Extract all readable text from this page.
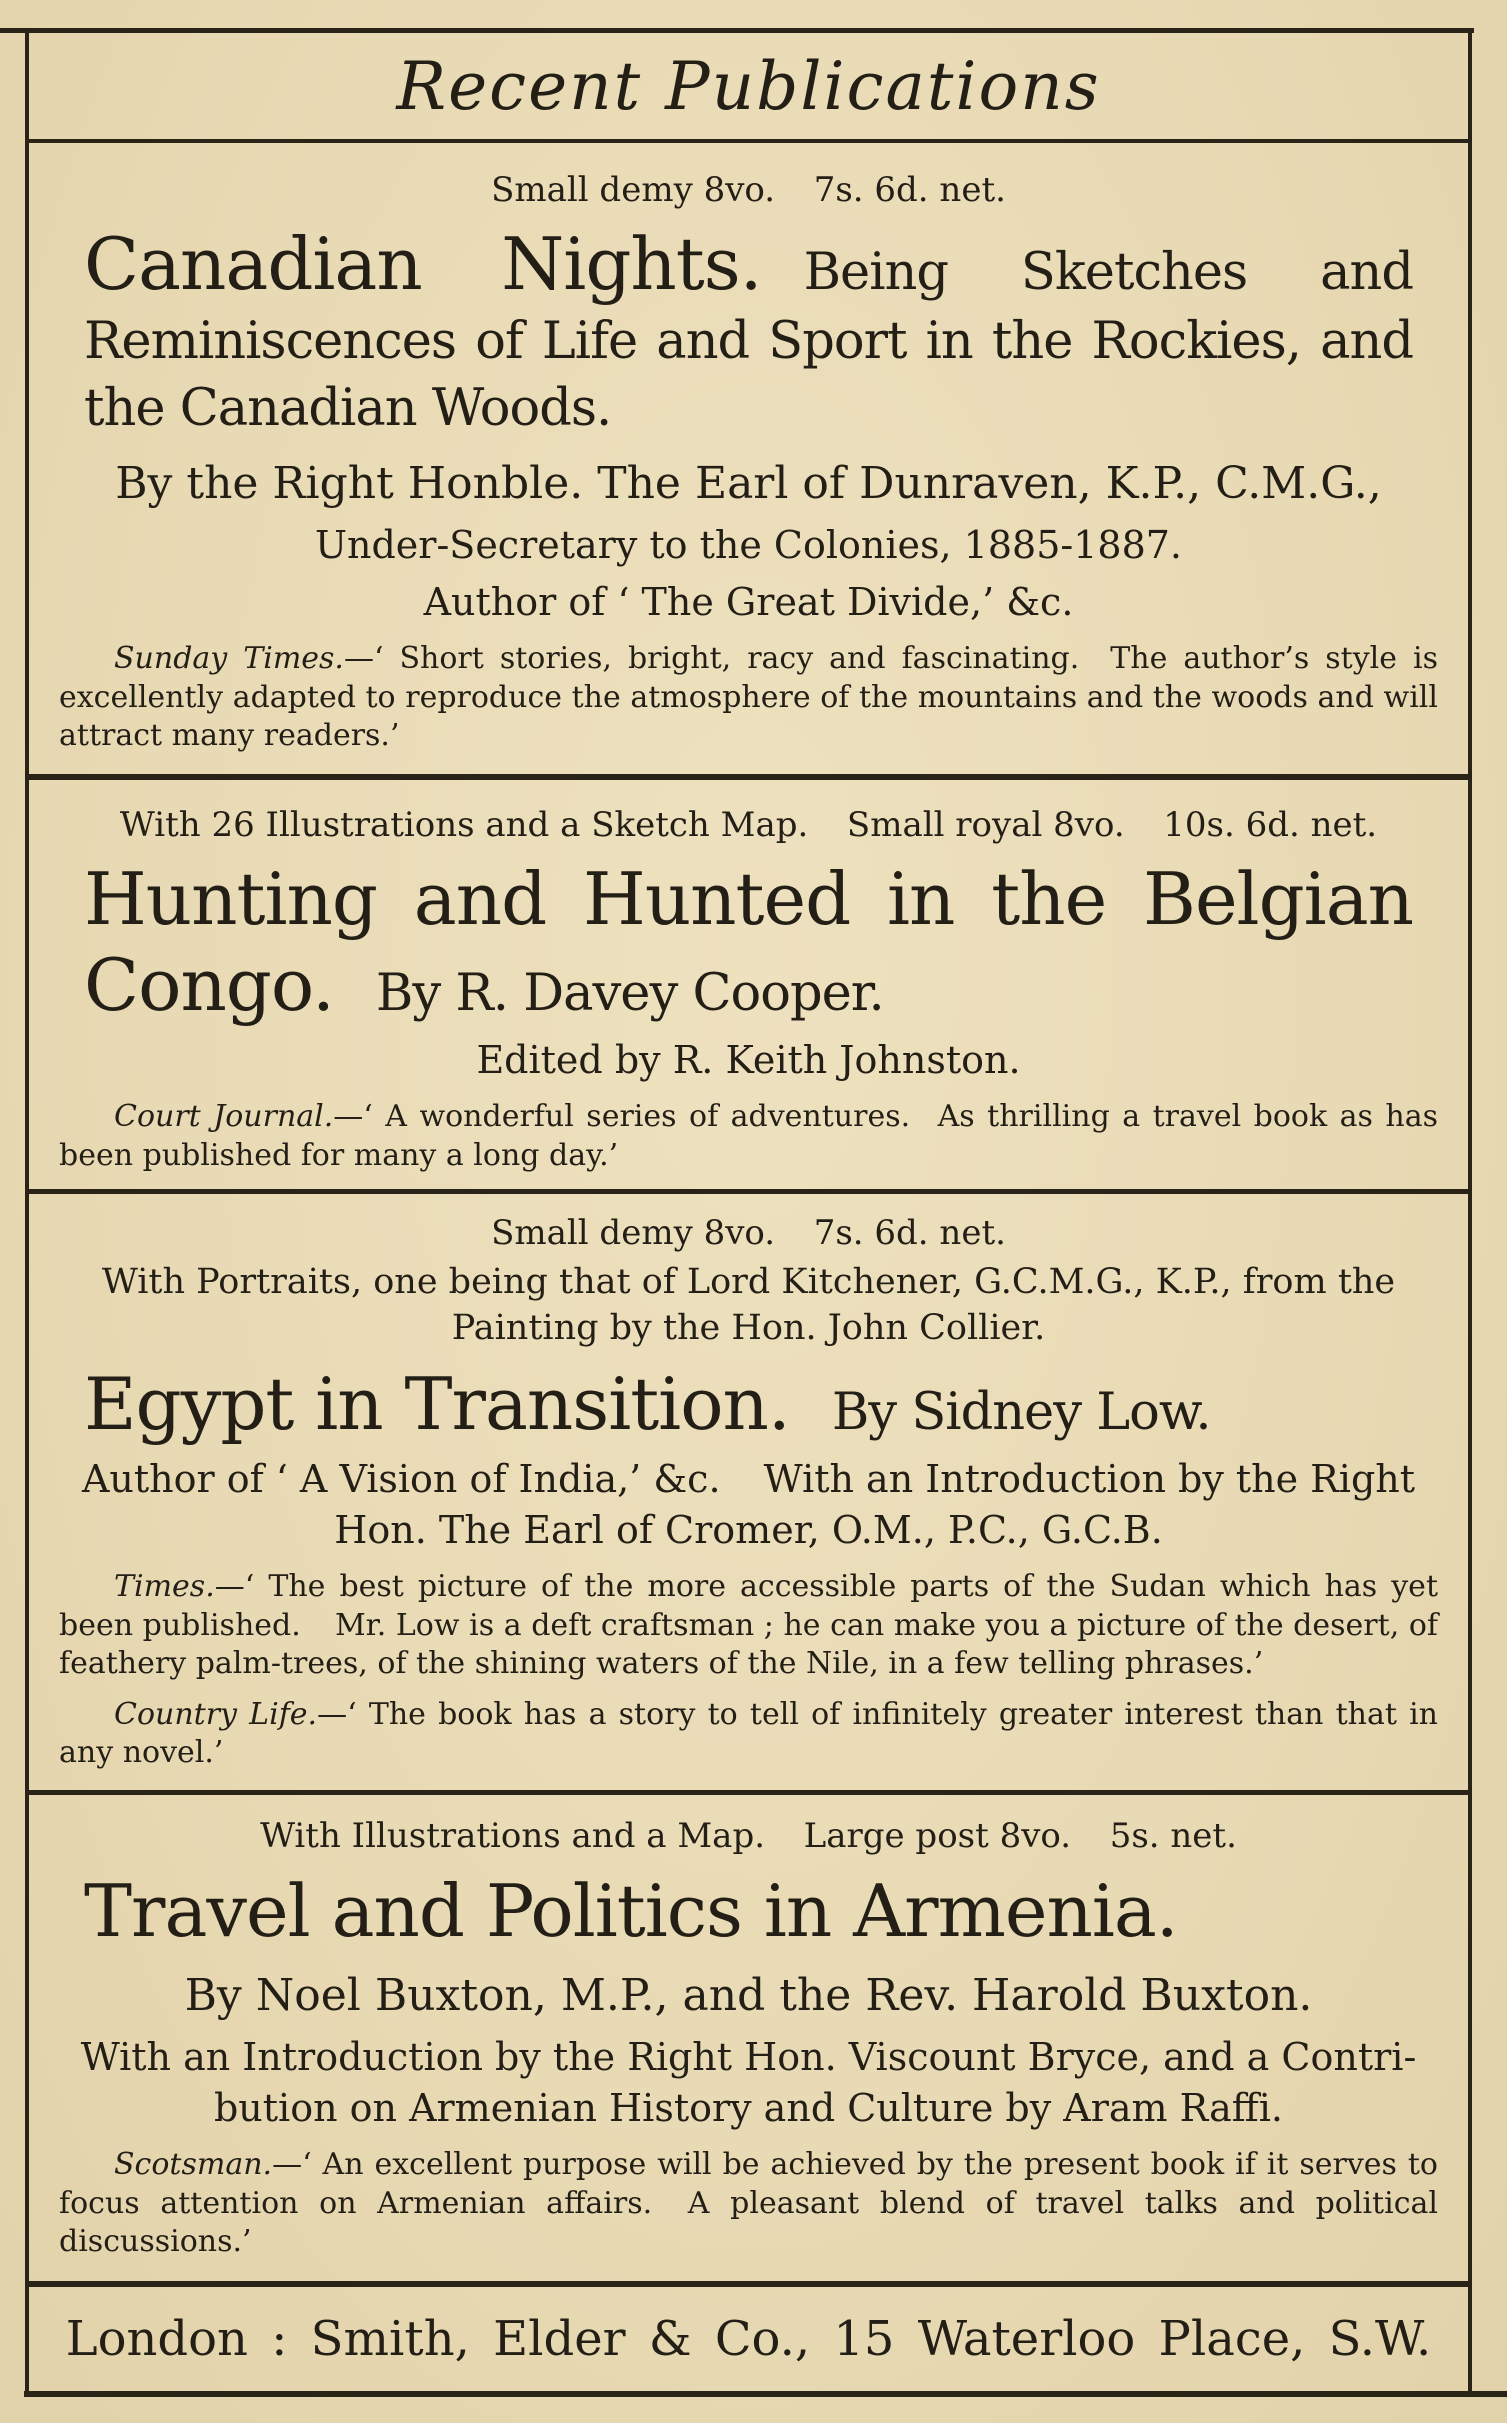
Recent Publications

Small demy 8vo.   7s. 6d. net.

Canadian Nights. Being Sketches and Reminiscences of Life and Sport in the Rockies, and the Canadian Woods.

By the Right Honble. The Earl of Dunraven, K.P., C.M.G.,

Under-Secretary to the Colonies, 1885-1887.

Author of ‘ The Great Divide,’ &c.

Sunday Times.—‘ Short stories, bright, racy and fascinating.  The author’s style is excellently adapted to reproduce the atmosphere of the mountains and the woods and will attract many readers.’

With 26 Illustrations and a Sketch Map.   Small royal 8vo.   10s. 6d. net.

Hunting and Hunted in the Belgian Congo. By R. Davey Cooper.

Edited by R. Keith Johnston.

Court Journal.—‘ A wonderful series of adventures.  As thrilling a travel book as has been published for many a long day.’

Small demy 8vo.   7s. 6d. net.

With Portraits, one being that of Lord Kitchener, G.C.M.G., K.P., from the Painting by the Hon. John Collier.

Egypt in Transition. By Sidney Low.

Author of ‘ A Vision of India,’ &c.   With an Introduction by the Right Hon. The Earl of Cromer, O.M., P.C., G.C.B.

Times.—‘ The best picture of the more accessible parts of the Sudan which has yet been published.   Mr. Low is a deft craftsman ; he can make you a picture of the desert, of feathery palm-trees, of the shining waters of the Nile, in a few telling phrases.’

Country Life.—‘ The book has a story to tell of infinitely greater interest than that in any novel.’

With Illustrations and a Map.   Large post 8vo.   5s. net.

Travel and Politics in Armenia.

By Noel Buxton, M.P., and the Rev. Harold Buxton.

With an Introduction by the Right Hon. Viscount Bryce, and a Contribution on Armenian History and Culture by Aram Raffi.

Scotsman.—‘ An excellent purpose will be achieved by the present book if it serves to focus attention on Armenian affairs.  A pleasant blend of travel talks and political discussions.’

London : Smith, Elder & Co., 15 Waterloo Place, S.W.
